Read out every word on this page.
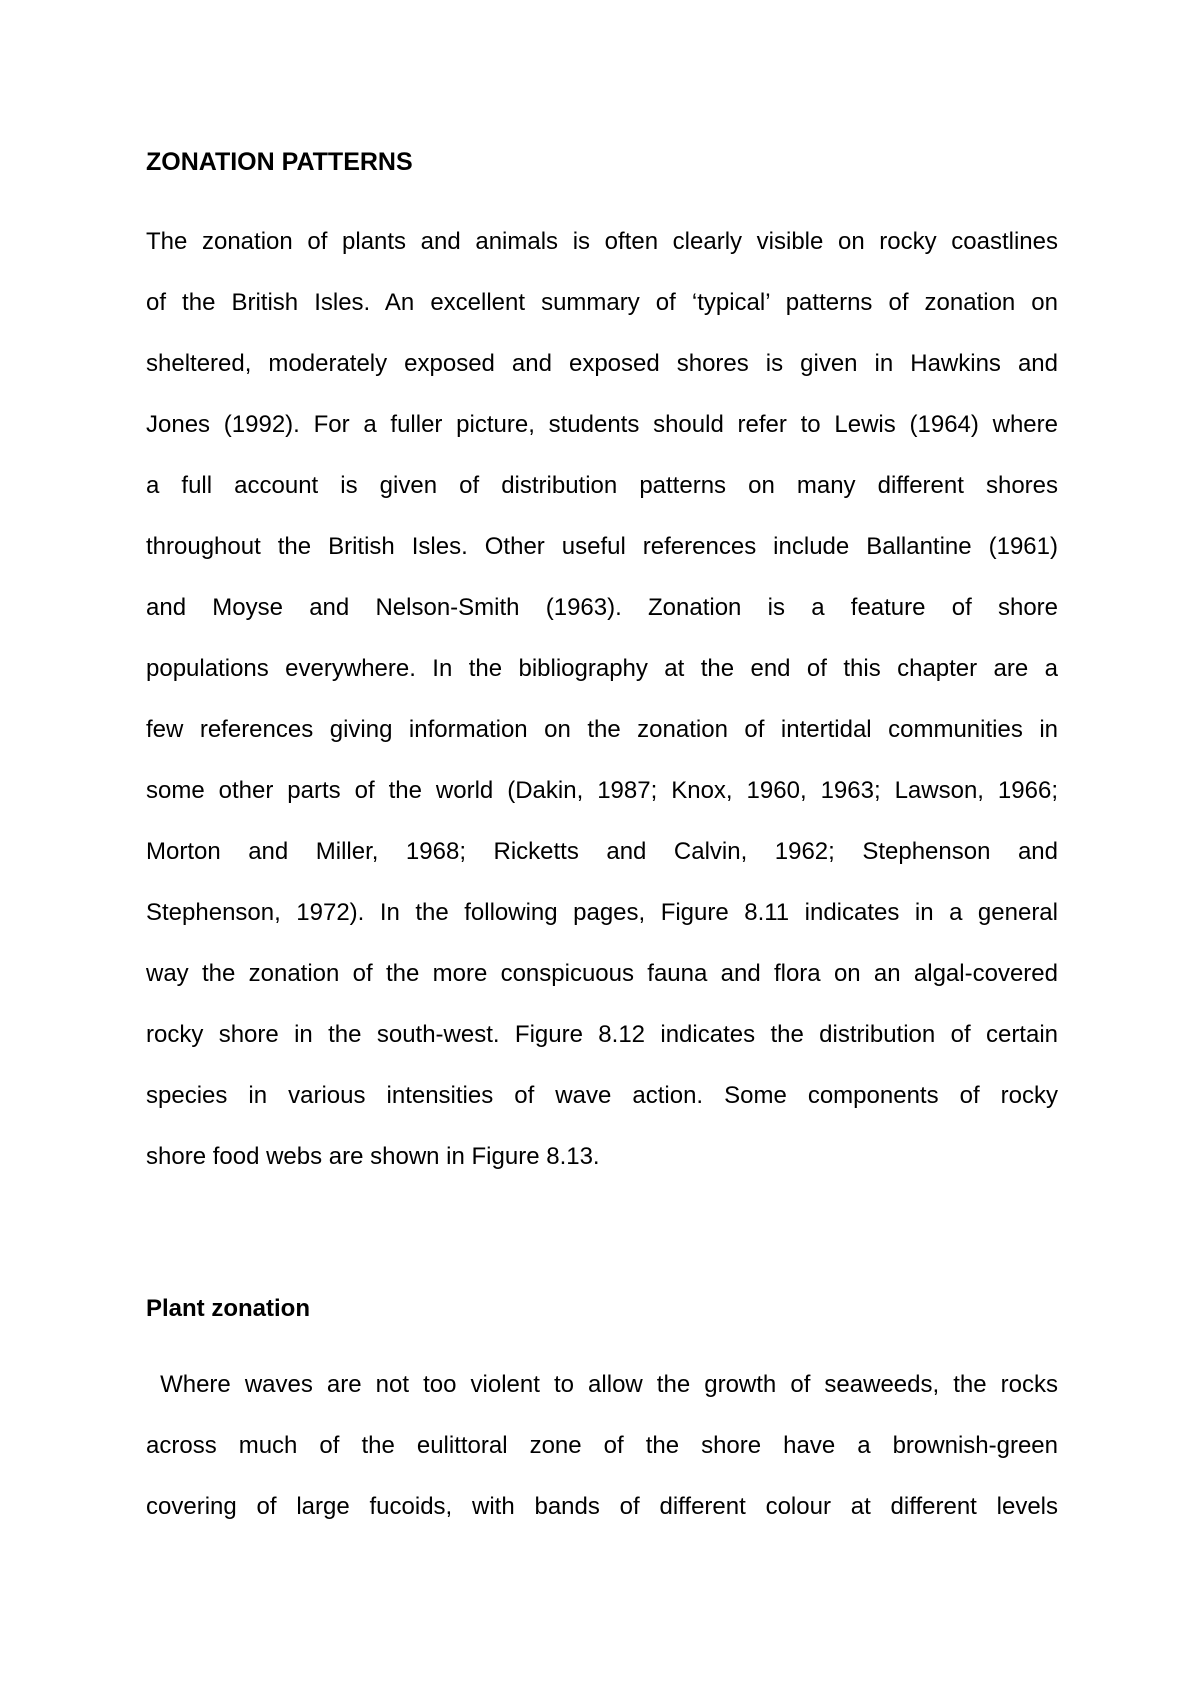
ZONATION PATTERNS
The zonation of plants and animals is often clearly visible on rocky coastlines
of the British Isles. An excellent summary of ‘typical’ patterns of zonation on
sheltered, moderately exposed and exposed shores is given in Hawkins and
Jones (1992). For a fuller picture, students should refer to Lewis (1964) where
a full account is given of distribution patterns on many different shores
throughout the British Isles. Other useful references include Ballantine (1961)
and Moyse and Nelson-Smith (1963). Zonation is a feature of shore
populations everywhere. In the bibliography at the end of this chapter are a
few references giving information on the zonation of intertidal communities in
some other parts of the world (Dakin, 1987; Knox, 1960, 1963; Lawson, 1966;
Morton and Miller, 1968; Ricketts and Calvin, 1962; Stephenson and
Stephenson, 1972). In the following pages, Figure 8.11 indicates in a general
way the zonation of the more conspicuous fauna and flora on an algal-covered
rocky shore in the south-west. Figure 8.12 indicates the distribution of certain
species in various intensities of wave action. Some components of rocky
shore food webs are shown in Figure 8.13.
Plant zonation
Where waves are not too violent to allow the growth of seaweeds, the rocks
across much of the eulittoral zone of the shore have a brownish-green
covering of large fucoids, with bands of different colour at different levels
